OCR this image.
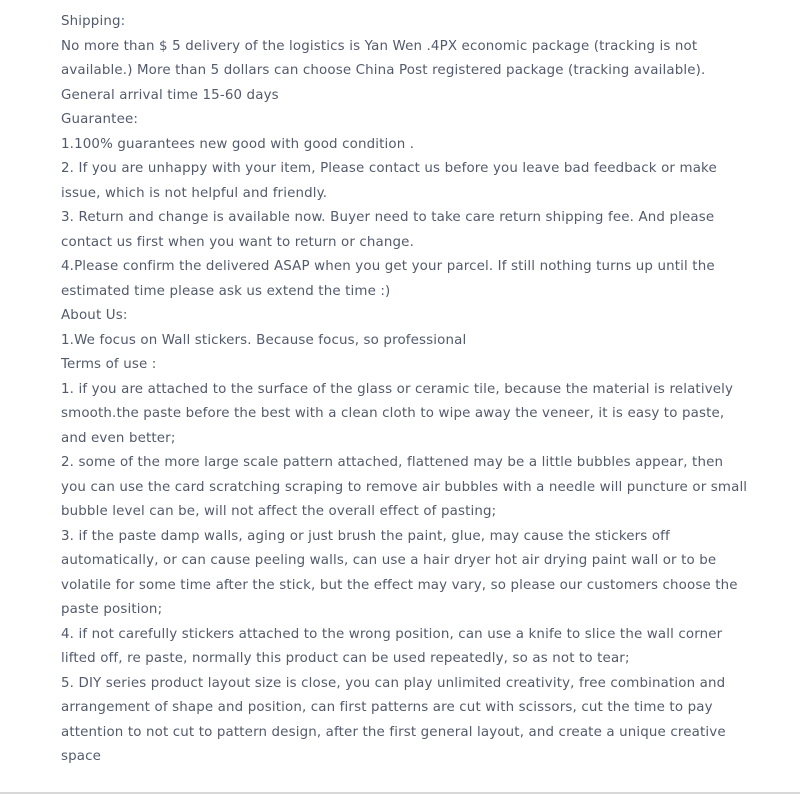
Shipping:

No more than $ 5 delivery of the logistics is Yan Wen .4PX economic package (tracking is not available.) More than 5 dollars can choose China Post registered package (tracking available).

General arrival time 15-60 days

Guarantee:

1.100% guarantees new good with good condition .

2. If you are unhappy with your item, Please contact us before you leave bad feedback or make issue, which is not helpful and friendly.

3. Return and change is available now. Buyer need to take care return shipping fee. And please contact us first when you want to return or change.

4.Please confirm the delivered ASAP when you get your parcel. If still nothing turns up until the estimated time please ask us extend the time :)

About Us:

1.We focus on Wall stickers. Because focus, so professional

Terms of use :

1. if you are attached to the surface of the glass or ceramic tile, because the material is relatively smooth.the paste before the best with a clean cloth to wipe away the veneer, it is easy to paste, and even better;

2. some of the more large scale pattern attached, flattened may be a little bubbles appear, then you can use the card scratching scraping to remove air bubbles with a needle will puncture or small bubble level can be, will not affect the overall effect of pasting;

3. if the paste damp walls, aging or just brush the paint, glue, may cause the stickers off automatically, or can cause peeling walls, can use a hair dryer hot air drying paint wall or to be volatile for some time after the stick, but the effect may vary, so please our customers choose the paste position;

4. if not carefully stickers attached to the wrong position, can use a knife to slice the wall corner lifted off, re paste, normally this product can be used repeatedly, so as not to tear;

5. DIY series product layout size is close, you can play unlimited creativity, free combination and arrangement of shape and position, can first patterns are cut with scissors, cut the time to pay attention to not cut to pattern design, after the first general layout, and create a unique creative space
